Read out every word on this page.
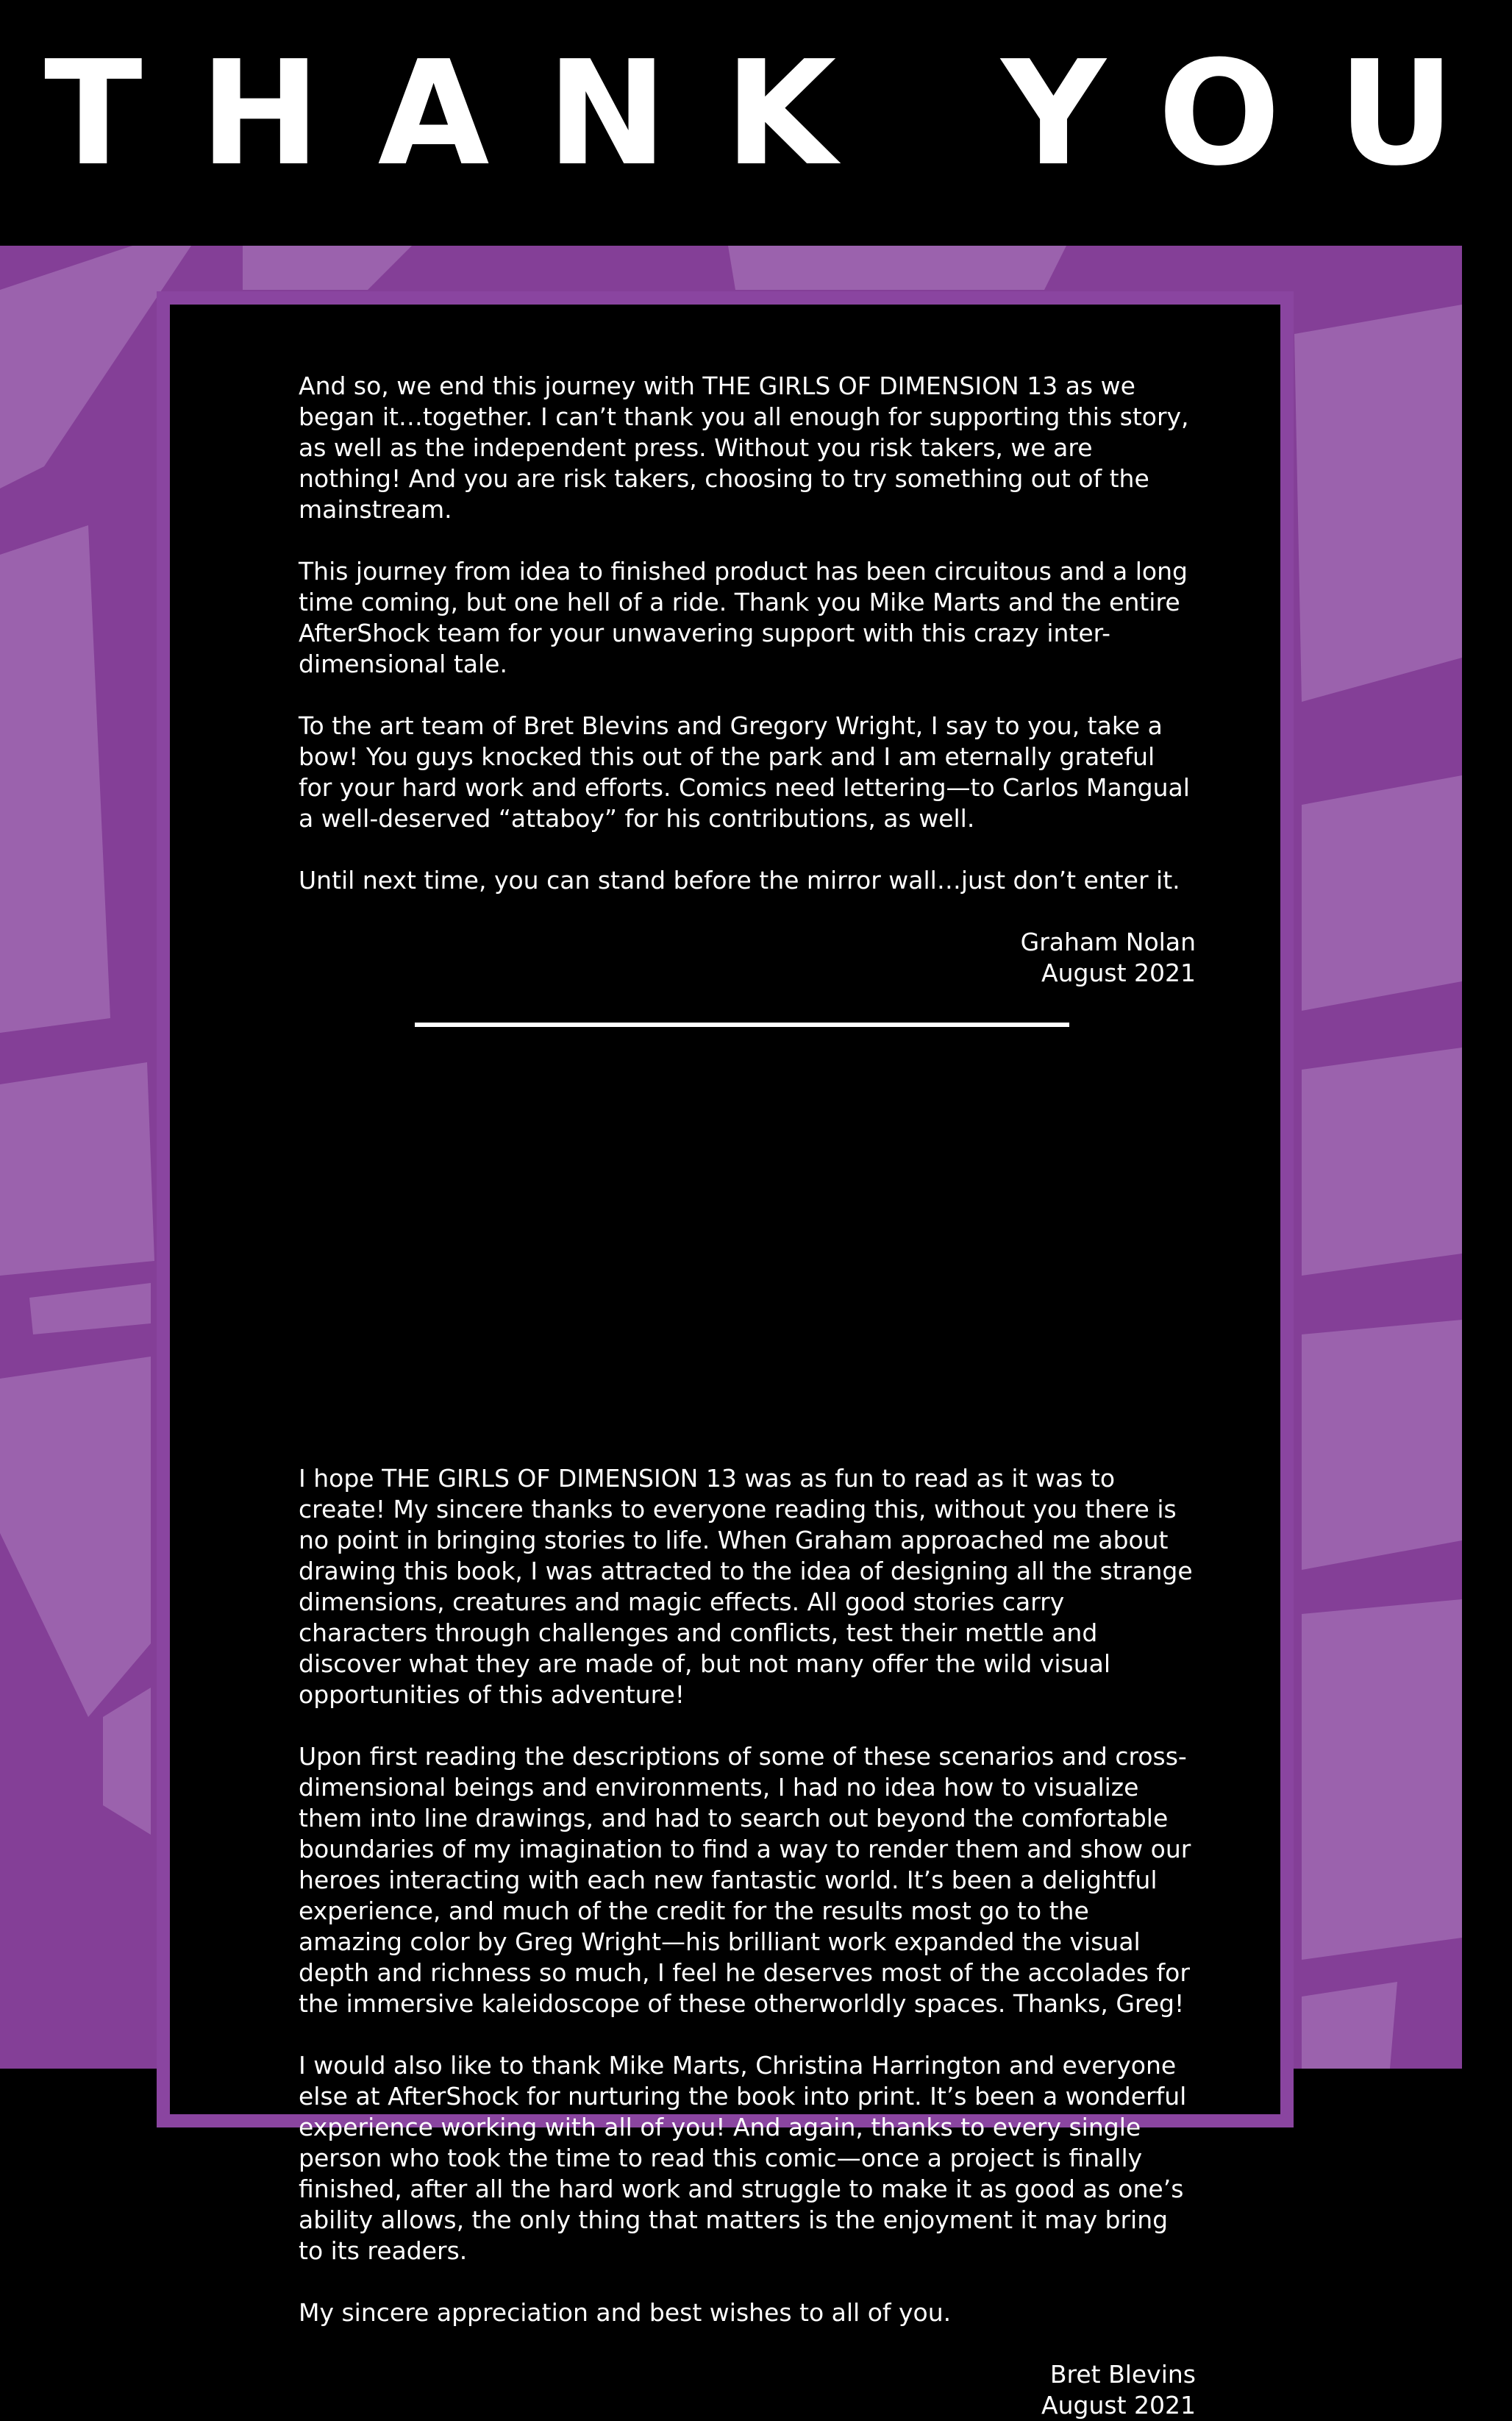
THANK YOU

And so, we end this journey with THE GIRLS OF DIMENSION 13 as we began it…together. I can’t thank you all enough for supporting this story, as well as the independent press. Without you risk takers, we are nothing! And you are risk takers, choosing to try something out of the mainstream.

This journey from idea to finished product has been circuitous and a long time coming, but one hell of a ride. Thank you Mike Marts and the entire AfterShock team for your unwavering support with this crazy inter-dimensional tale.

To the art team of Bret Blevins and Gregory Wright, I say to you, take a bow! You guys knocked this out of the park and I am eternally grateful for your hard work and efforts. Comics need lettering—to Carlos Mangual a well-deserved “attaboy” for his contributions, as well.

Until next time, you can stand before the mirror wall…just don’t enter it.

Graham Nolan
August 2021

I hope THE GIRLS OF DIMENSION 13 was as fun to read as it was to create! My sincere thanks to everyone reading this, without you there is no point in bringing stories to life. When Graham approached me about drawing this book, I was attracted to the idea of designing all the strange dimensions, creatures and magic effects. All good stories carry characters through challenges and conflicts, test their mettle and discover what they are made of, but not many offer the wild visual opportunities of this adventure!

Upon first reading the descriptions of some of these scenarios and cross-dimensional beings and environments, I had no idea how to visualize them into line drawings, and had to search out beyond the comfortable boundaries of my imagination to find a way to render them and show our heroes interacting with each new fantastic world. It’s been a delightful experience, and much of the credit for the results most go to the amazing color by Greg Wright—his brilliant work expanded the visual depth and richness so much, I feel he deserves most of the accolades for the immersive kaleidoscope of these otherworldly spaces. Thanks, Greg!

I would also like to thank Mike Marts, Christina Harrington and everyone else at AfterShock for nurturing the book into print. It’s been a wonderful experience working with all of you! And again, thanks to every single person who took the time to read this comic—once a project is finally finished, after all the hard work and struggle to make it as good as one’s ability allows, the only thing that matters is the enjoyment it may bring to its readers.

My sincere appreciation and best wishes to all of you.

Bret Blevins
August 2021
